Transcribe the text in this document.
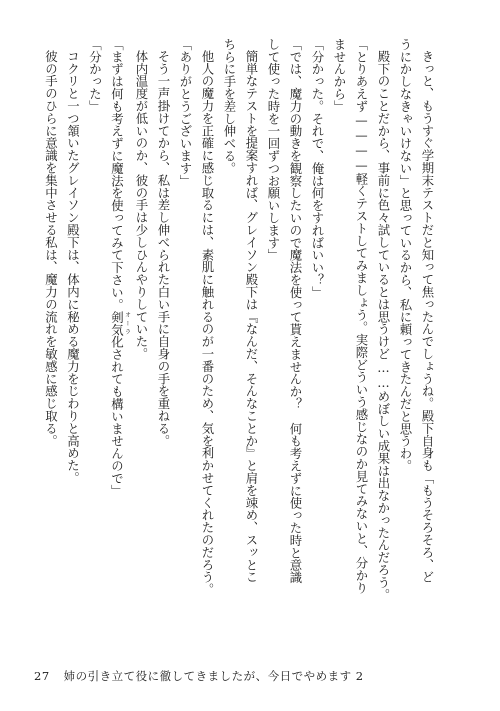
きっと、もうすぐ学期末テストだと知って焦ったんでしょうね。殿下自身も「もうそろそろ、ど

うにかしなきゃいけない」と思っているから、私に頼ってきたんだと思うわ。

殿下のことだから、事前に色々試しているとは思うけど……めぼしい成果は出なかったんだろう。

「とりあえず————軽くテストしてみましょう。実際どういう感じなのか見てみないと、分かり

ませんから」

「分かった。それで、俺は何をすればいい？」

「では、魔力の動きを観察したいので魔法を使って貰えませんか？　何も考えずに使った時と意識

して使った時を一回ずつお願いします」

簡単なテストを提案すれば、グレイソン殿下は『なんだ、そんなことか』と肩を竦め、スッとこ

ちらに手を差し伸べる。

他人の魔力を正確に感じ取るには、素肌に触れるのが一番のため、気を利かせてくれたのだろう。

「ありがとうございます」

そう一声掛けてから、私は差し伸べられた白い手に自身の手を重ねる。

体内温度が低いのか、彼の手は少しひんやりしていた。

「まずは何も考えずに魔法を使ってみて下さい。剣気 オーラ化されても構いませんので」

「分かった」

コクリと一つ頷いたグレイソン殿下は、体内に秘める魔力をじわりと高めた。

彼の手のひらに意識を集中させる私は、魔力の流れを敏感に感じ取る。

27 姉の引き立て役に徹してきましたが、今日でやめます 2
